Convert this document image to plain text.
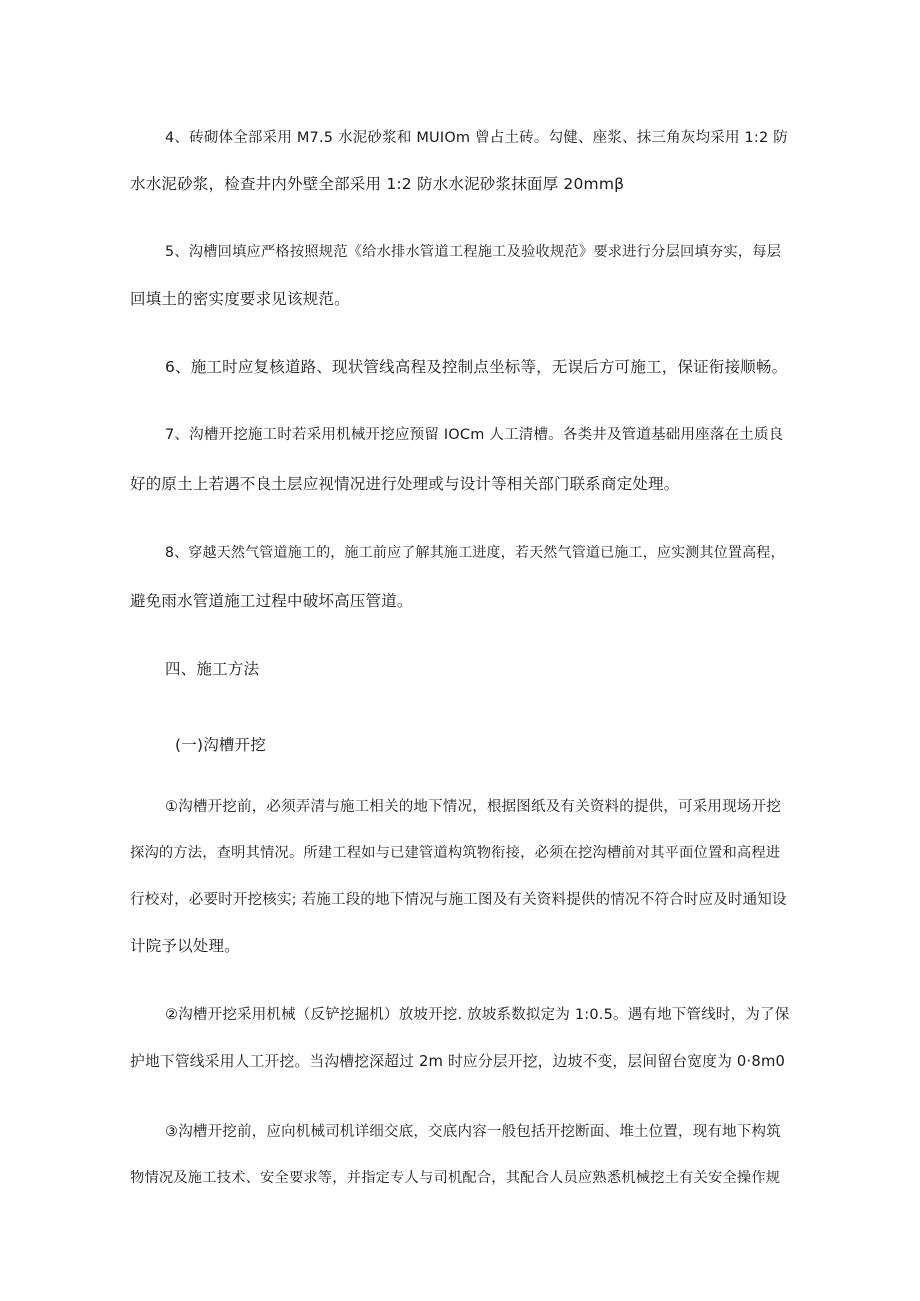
4、砖砌体全部采用 M7.5 水泥砂浆和 MUIOm 曾占土砖。勾健、座浆、抹三角灰均采用 1:2 防
水水泥砂浆，检查井内外壁全部采用 1:2 防水水泥砂浆抹面厚 20mmβ
5、沟槽回填应严格按照规范《给水排水管道工程施工及验收规范》要求进行分层回填夯实，每层
回填土的密实度要求见该规范。
6、施工时应复核道路、现状管线高程及控制点坐标等，无误后方可施工，保证衔接顺畅。
7、沟槽开挖施工时若采用机械开挖应预留 IOCm 人工清槽。各类井及管道基础用座落在土质良
好的原土上若遇不良土层应视情况进行处理或与设计等相关部门联系商定处理。
8、穿越天然气管道施工的，施工前应了解其施工进度，若天然气管道已施工，应实测其位置高程，
避免雨水管道施工过程中破坏高压管道。
四、施工方法
(一)沟槽开挖
①沟槽开挖前，必须弄清与施工相关的地下情况，根据图纸及有关资料的提供，可采用现场开挖
探沟的方法，查明其情况。所建工程如与已建管道构筑物衔接，必须在挖沟槽前对其平面位置和高程进
行校对，必要时开挖核实; 若施工段的地下情况与施工图及有关资料提供的情况不符合时应及时通知设
计院予以处理。
②沟槽开挖采用机械（反铲挖掘机）放坡开挖. 放坡系数拟定为 1:0.5。遇有地下管线时，为了保
护地下管线采用人工开挖。当沟槽挖深超过 2m 时应分层开挖，边坡不变，层间留台宽度为 0·8m0
③沟槽开挖前，应向机械司机详细交底，交底内容一般包括开挖断面、堆土位置，现有地下构筑
物情况及施工技术、安全要求等，并指定专人与司机配合，其配合人员应熟悉机械挖土有关安全操作规
